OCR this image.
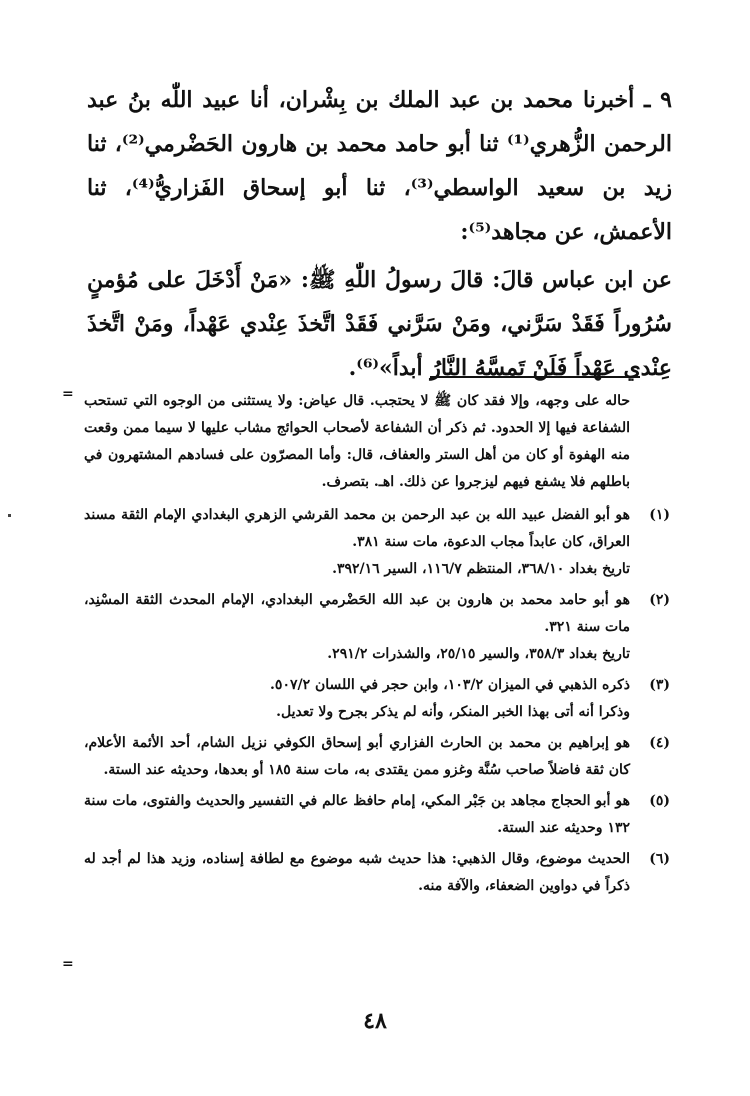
٩ ـ أخبرنا محمد بن عبد الملك بن بِشْران، أنا عبيد اللّٰه بنُ عبد الرحمن الزُّهري⁽¹⁾ ثنا أبو حامد محمد بن هارون الحَضْرمي⁽²⁾، ثنا زيد بن سعيد الواسطي⁽³⁾، ثنا أبو إسحاق الفَزاريُّ⁽⁴⁾، ثنا الأعمش، عن مجاهد⁽⁵⁾:

عن ابن عباس قالَ: قالَ رسولُ اللّٰهِ ﷺ: «مَنْ أَدْخَلَ على مُؤمنٍ سُرُوراً فَقَدْ سَرَّني، ومَنْ سَرَّني فَقَدْ اتَّخذَ عِنْدي عَهْداً، ومَنْ اتَّخذَ عِنْدي عَهْداً فَلَنْ تَمسَّهُ النَّارُ أبداً»⁽⁶⁾.

= حاله على وجهه، وإلا فقد كان ﷺ لا يحتجب. قال عياض: ولا يستثنى من الوجوه التي تستحب الشفاعة فيها إلا الحدود. ثم ذكر أن الشفاعة لأصحاب الحوائج مشاب عليها لا سيما ممن وقعت منه الهفوة أو كان من أهل الستر والعفاف، قال: وأما المصرّون على فسادهم المشتهرون في باطلهم فلا يشفع فيهم ليزجروا عن ذلك. اهـ. بتصرف.
(١)

هو أبو الفضل عبيد الله بن عبد الرحمن بن محمد القرشي الزهري البغدادي الإمام الثقة مسند العراق، كان عابداً مجاب الدعوة، مات سنة ٣٨١.

تاريخ بغداد ٣٦٨/١٠، المنتظم ١١٦/٧، السير ٣٩٢/١٦.

(٢)

هو أبو حامد محمد بن هارون بن عبد الله الحَضْرمي البغدادي، الإمام المحدث الثقة المسْنِد، مات سنة ٣٢١.

تاريخ بغداد ٣٥٨/٣، والسير ٢٥/١٥، والشذرات ٢٩١/٢.

(٣)

ذكره الذهبي في الميزان ١٠٣/٢، وابن حجر في اللسان ٥٠٧/٢.

وذكرا أنه أتى بهذا الخبر المنكر، وأنه لم يذكر بجرح ولا تعديل.

(٤)

هو إبراهيم بن محمد بن الحارث الفزاري أبو إسحاق الكوفي نزيل الشام، أحد الأئمة الأعلام، كان ثقة فاضلاً صاحب سُنَّة وغزو ممن يقتدى به، مات سنة ١٨٥ أو بعدها، وحديثه عند الستة.

(٥)

هو أبو الحجاج مجاهد بن جَبْر المكي، إمام حافظ عالم في التفسير والحديث والفتوى، مات سنة ١٣٢ وحديثه عند الستة.

(٦)

الحديث موضوع، وقال الذهبي: هذا حديث شبه موضوع مع لطافة إسناده، وزيد هذا لم أجد له ذكراً في دواوين الضعفاء، والآفة منه.

=
٤٨
